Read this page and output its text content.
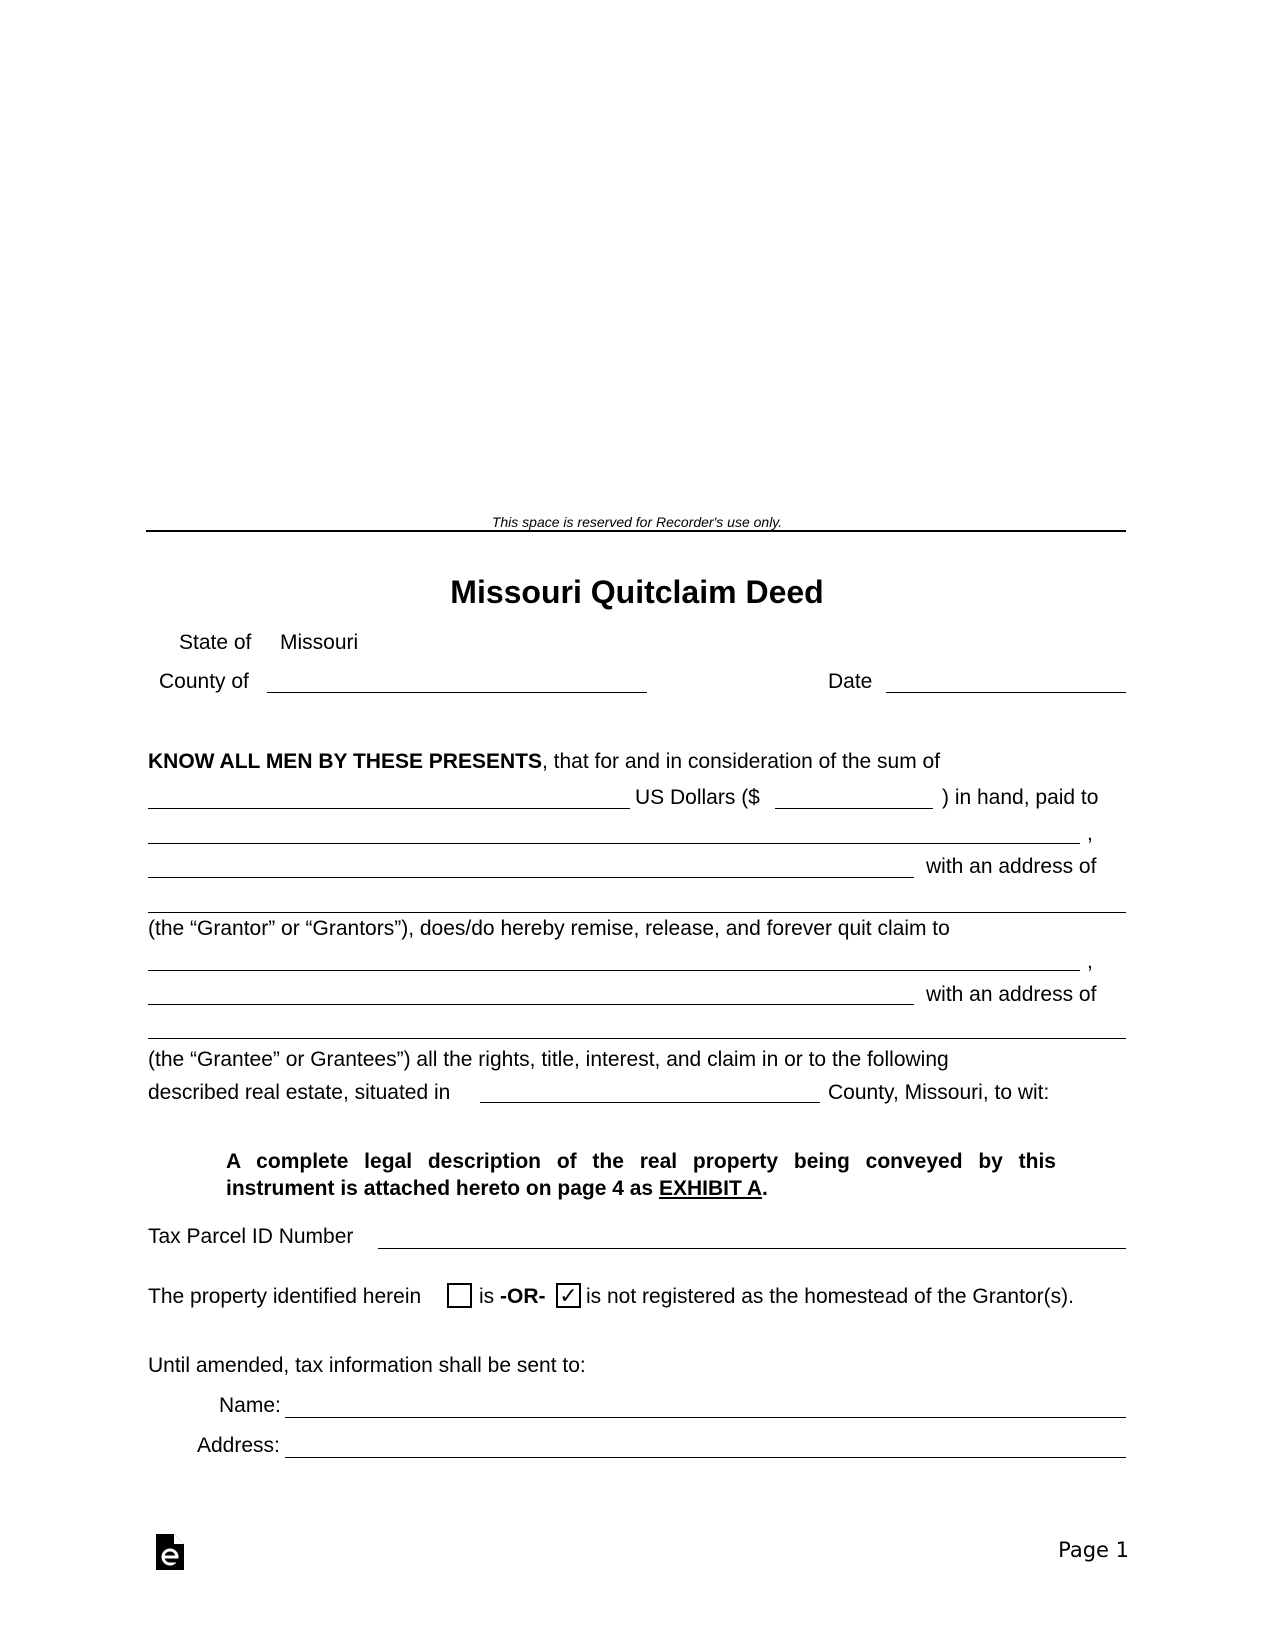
This space is reserved for Recorder's use only.
Missouri Quitclaim Deed
State of Missouri
County of	Date
KNOW ALL MEN BY THESE PRESENTS, that for and in consideration of the sum of
US Dollars ($	) in hand, paid to
,
with an address of
(the “Grantor” or “Grantors”), does/do hereby remise, release, and forever quit claim to
,
with an address of
(the “Grantee” or Grantees”) all the rights, title, interest, and claim in or to the following
described real estate, situated in	County, Missouri, to wit:
A complete legal description of the real property being conveyed by this instrument is attached hereto on page 4 as EXHIBIT A.
Tax Parcel ID Number
The property identified herein	is -OR- ✓ is not registered as the homestead of the Grantor(s).
Until amended, tax information shall be sent to:
Name:
Address:
Page 1
